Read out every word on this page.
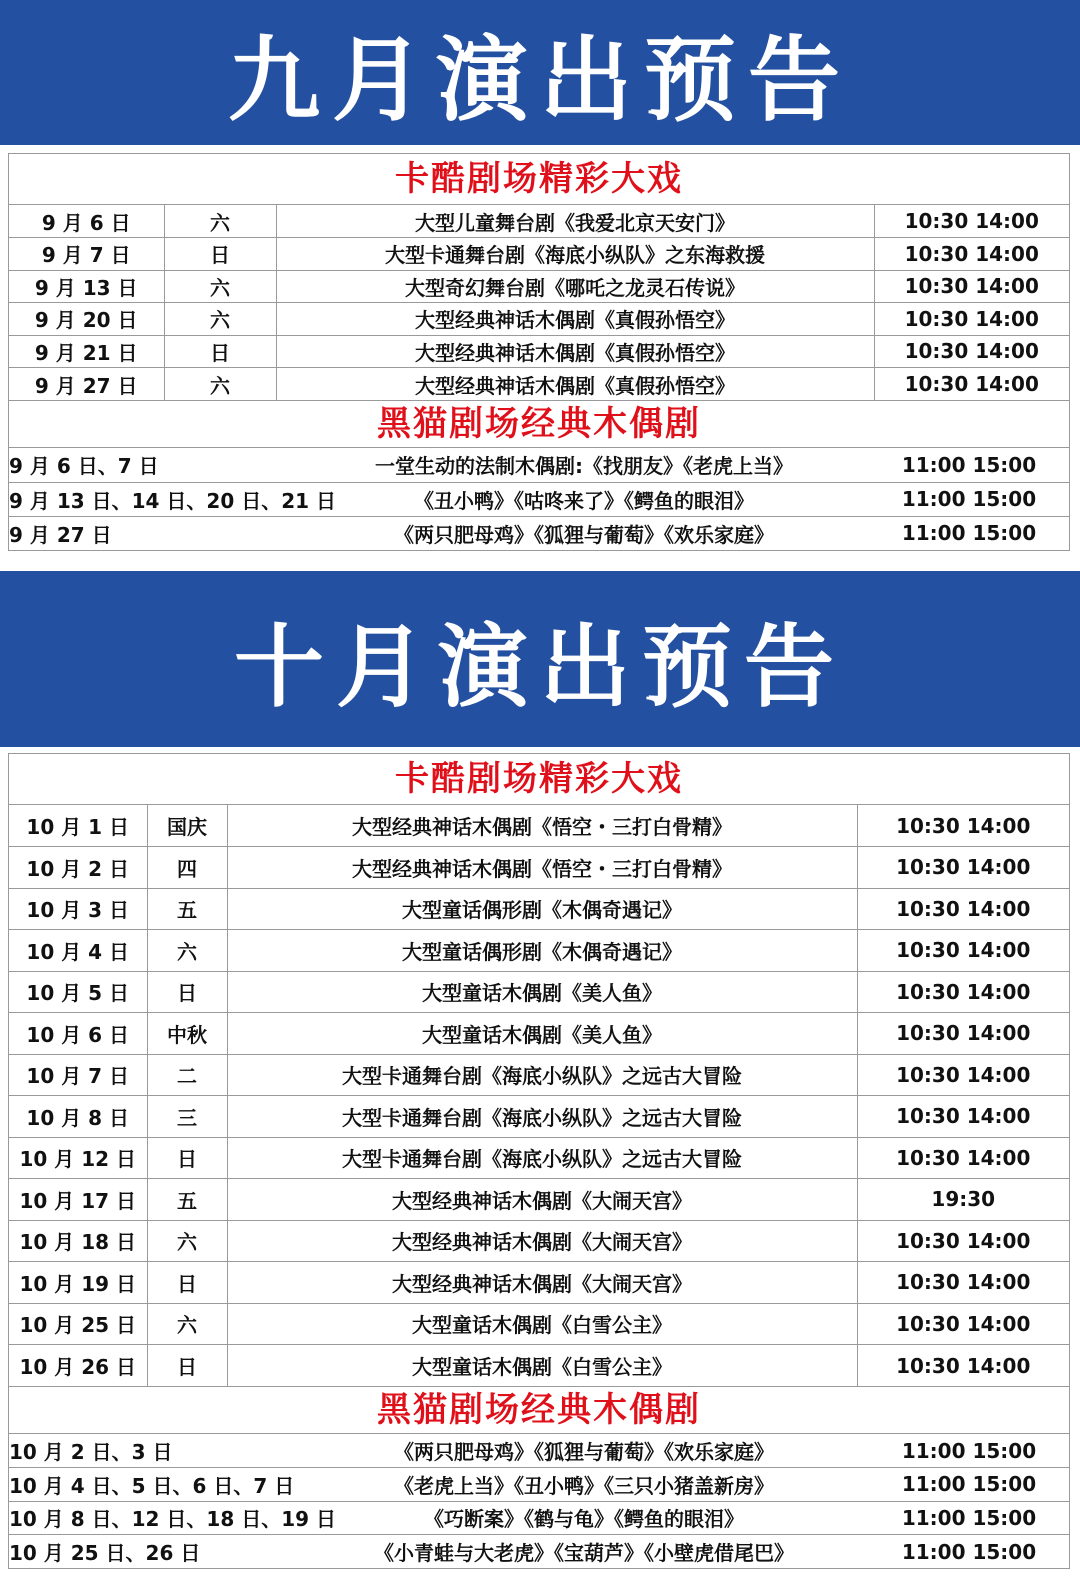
九月演出预告
卡酷剧场精彩大戏
9 月 6 日	六	大型儿童舞台剧《我爱北京天安门》	10:30 14:00
9 月 7 日	日	大型卡通舞台剧《海底小纵队》之东海救援	10:30 14:00
9 月 13 日	六	大型奇幻舞台剧《哪吒之龙灵石传说》	10:30 14:00
9 月 20 日	六	大型经典神话木偶剧《真假孙悟空》	10:30 14:00
9 月 21 日	日	大型经典神话木偶剧《真假孙悟空》	10:30 14:00
9 月 27 日	六	大型经典神话木偶剧《真假孙悟空》	10:30 14:00
黑猫剧场经典木偶剧
9 月 6 日、7 日	一堂生动的法制木偶剧:《找朋友》《老虎上当》	11:00 15:00
9 月 13 日、14 日、20 日、21 日	《丑小鸭》《咕咚来了》《鳄鱼的眼泪》	11:00 15:00
9 月 27 日	《两只肥母鸡》《狐狸与葡萄》《欢乐家庭》	11:00 15:00
十月演出预告
卡酷剧场精彩大戏
10 月 1 日	国庆	大型经典神话木偶剧《悟空・三打白骨精》	10:30 14:00
10 月 2 日	四	大型经典神话木偶剧《悟空・三打白骨精》	10:30 14:00
10 月 3 日	五	大型童话偶形剧《木偶奇遇记》	10:30 14:00
10 月 4 日	六	大型童话偶形剧《木偶奇遇记》	10:30 14:00
10 月 5 日	日	大型童话木偶剧《美人鱼》	10:30 14:00
10 月 6 日	中秋	大型童话木偶剧《美人鱼》	10:30 14:00
10 月 7 日	二	大型卡通舞台剧《海底小纵队》之远古大冒险	10:30 14:00
10 月 8 日	三	大型卡通舞台剧《海底小纵队》之远古大冒险	10:30 14:00
10 月 12 日	日	大型卡通舞台剧《海底小纵队》之远古大冒险	10:30 14:00
10 月 17 日	五	大型经典神话木偶剧《大闹天宫》	19:30
10 月 18 日	六	大型经典神话木偶剧《大闹天宫》	10:30 14:00
10 月 19 日	日	大型经典神话木偶剧《大闹天宫》	10:30 14:00
10 月 25 日	六	大型童话木偶剧《白雪公主》	10:30 14:00
10 月 26 日	日	大型童话木偶剧《白雪公主》	10:30 14:00
黑猫剧场经典木偶剧
10 月 2 日、3 日	《两只肥母鸡》《狐狸与葡萄》《欢乐家庭》	11:00 15:00
10 月 4 日、5 日、6 日、7 日	《老虎上当》《丑小鸭》《三只小猪盖新房》	11:00 15:00
10 月 8 日、12 日、18 日、19 日	《巧断案》《鹤与龟》《鳄鱼的眼泪》	11:00 15:00
10 月 25 日、26 日	《小青蛙与大老虎》《宝葫芦》《小壁虎借尾巴》	11:00 15:00
